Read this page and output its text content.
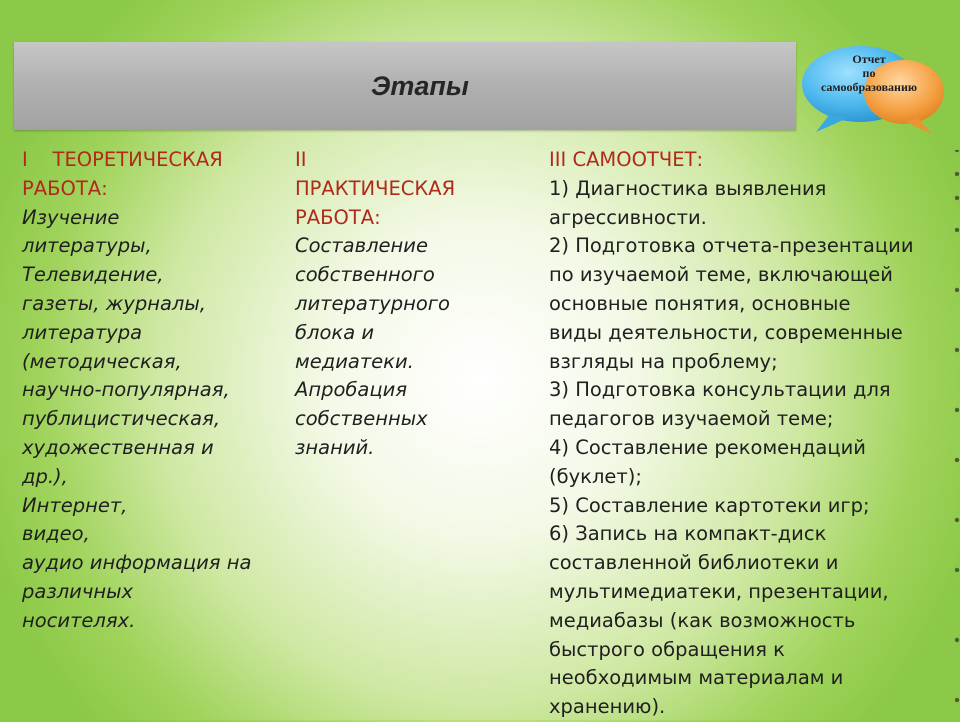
Этапы
Отчет
по
самообразованию
I    ТЕОРЕТИЧЕСКАЯ
РАБОТА:
Изучение
литературы,
Телевидение,
газеты, журналы,
литература
(методическая,
научно-популярная,
публицистическая,
художественная и
др.),
Интернет,
видео,
аудио информация на
различных
носителях.
II
ПРАКТИЧЕСКАЯ
РАБОТА:
Составление
собственного
литературного
блока и
медиатеки.
Апробация
собственных
знаний.
III САМООТЧЕТ:
1) Диагностика выявления
агрессивности.
2) Подготовка отчета-презентации
по изучаемой теме, включающей
основные понятия, основные
виды деятельности, современные
взгляды на проблему;
3) Подготовка консультации для
педагогов изучаемой теме;
4) Составление рекомендаций
(буклет);
5) Составление картотеки игр;
6) Запись на компакт-диск
составленной библиотеки и
мультимедиатеки, презентации,
медиабазы (как возможность
быстрого обращения к
необходимым материалам и
хранению).
